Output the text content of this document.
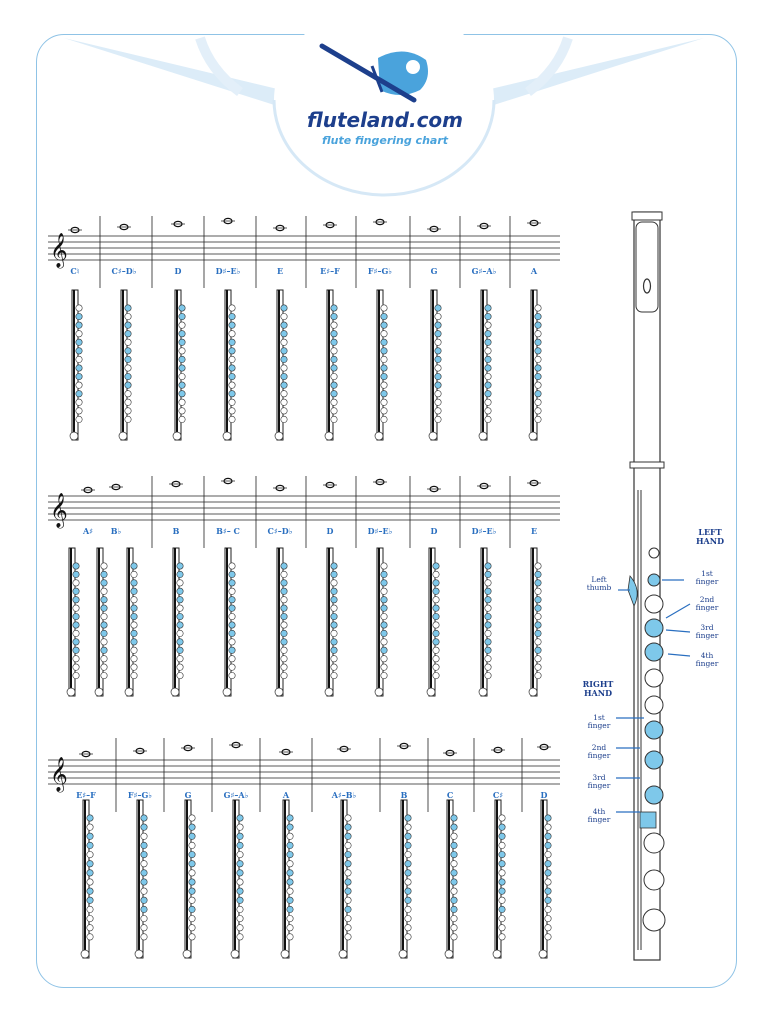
fluteland.com
flute fingering chart
𝄞
𝄞
𝄞
C♮	C♯–D♭	D	D♯–E♭	E	E♯–F	F♯–G♭	G	G♯–A♭	A
A♯	B♭	B	B♯– C	C♯–D♭	D	D♯–E♭	D	D♯–E♭	E
E♯–F	F♯–G♭	G	G♯–A♭	A	A♯–B♭	B	C	C♯	D
LEFT
HAND
RIGHT
HAND
Left
thumb
1st
finger
2nd
finger
3rd
finger
4th
finger
1st
finger
2nd
finger
3rd
finger
4th
finger
